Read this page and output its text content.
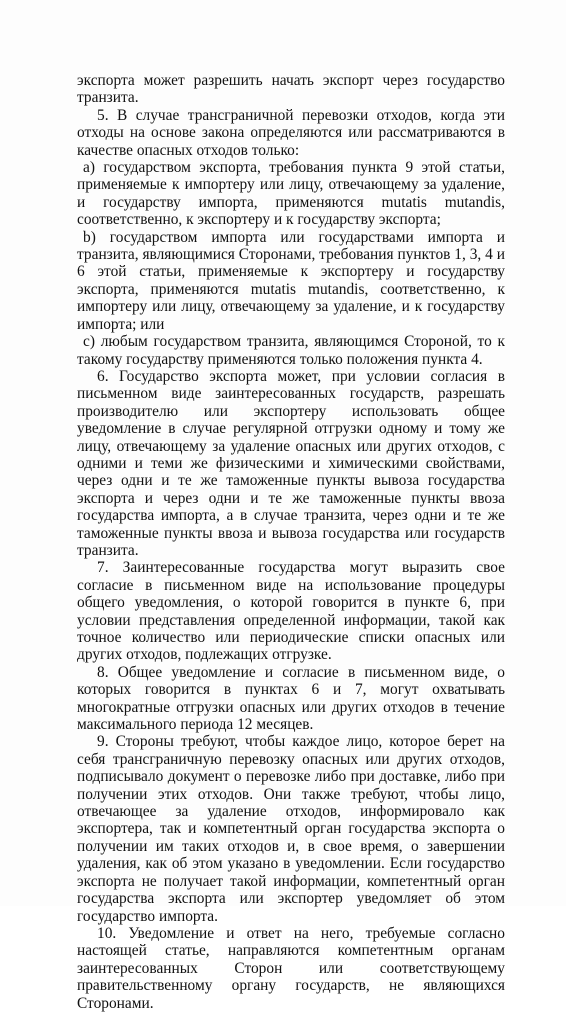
экспорта может разрешить начать экспорт через государство транзита.

5. В случае трансграничной перевозки отходов, когда эти отходы на основе закона определяются или рассматриваются в качестве опасных отходов только:

а) государством экспорта, требования пункта 9 этой статьи, применяемые к импортеру или лицу, отвечающему за удаление, и государству импорта, применяются mutatis mutandis, соответственно, к экспортеру и к государству экспорта;

b) государством импорта или государствами импорта и транзита, являющимися Сторонами, требования пунктов 1, 3, 4 и 6 этой статьи, применяемые к экспортеру и государству экспорта, применяются mutatis mutandis, соответственно, к импортеру или лицу, отвечающему за удаление, и к государству импорта; или

c) любым государством транзита, являющимся Стороной, то к такому государству применяются только положения пункта 4.

6. Государство экспорта может, при условии согласия в письменном виде заинтересованных государств, разрешать производителю или экспортеру использовать общее уведомление в случае регулярной отгрузки одному и тому же лицу, отвечающему за удаление опасных или других отходов, с одними и теми же физическими и химическими свойствами, через одни и те же таможенные пункты вывоза государства экспорта и через одни и те же таможенные пункты ввоза государства импорта, а в случае транзита, через одни и те же таможенные пункты ввоза и вывоза государства или государств транзита.

7. Заинтересованные государства могут выразить свое согласие в письменном виде на использование процедуры общего уведомления, о которой говорится в пункте 6, при условии представления определенной информации, такой как точное количество или периодические списки опасных или других отходов, подлежащих отгрузке.

8. Общее уведомление и согласие в письменном виде, о которых говорится в пунктах 6 и 7, могут охватывать многократные отгрузки опасных или других отходов в течение максимального периода 12 месяцев.

9. Стороны требуют, чтобы каждое лицо, которое берет на себя трансграничную перевозку опасных или других отходов, подписывало документ о перевозке либо при доставке, либо при получении этих отходов. Они также требуют, чтобы лицо, отвечающее за удаление отходов, информировало как экспортера, так и компетентный орган государства экспорта о получении им таких отходов и, в свое время, о завершении удаления, как об этом указано в уведомлении. Если государство экспорта не получает такой информации, компетентный орган государства экспорта или экспортер уведомляет об этом государство импорта.

10. Уведомление и ответ на него, требуемые согласно настоящей статье, направляются компетентным органам заинтересованных Сторон или соответствующему правительственному органу государств, не являющихся Сторонами.
